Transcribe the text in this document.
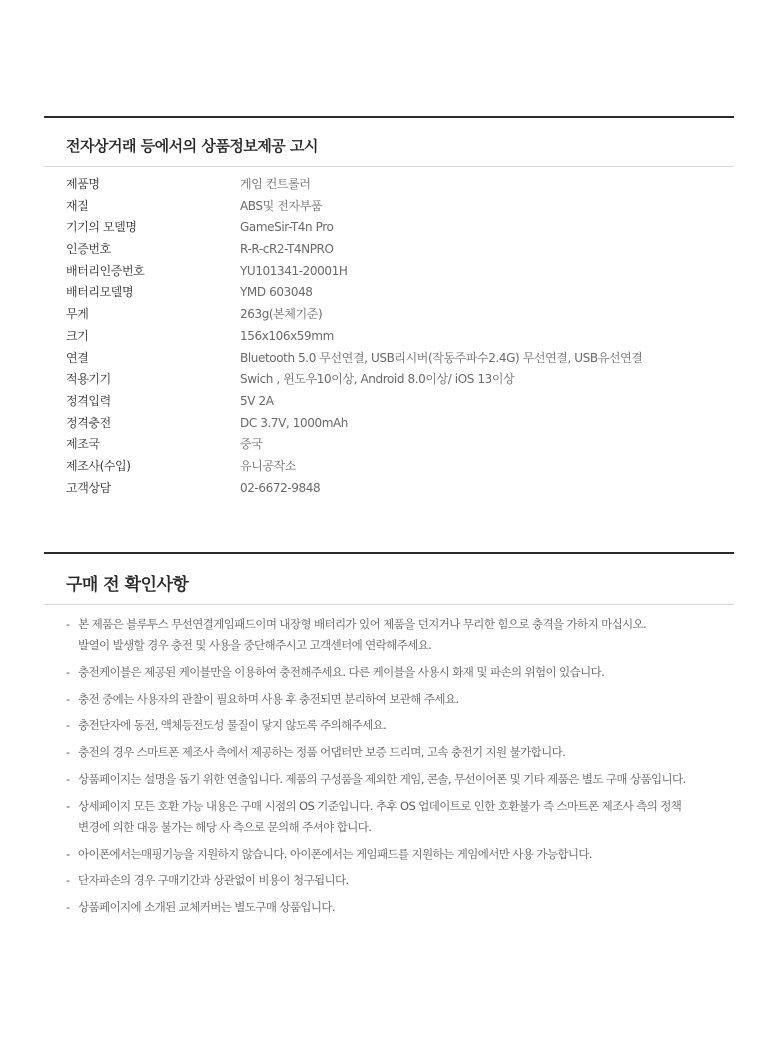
전자상거래 등에서의 상품정보제공 고시
제품명	게임 컨트롤러
재질	ABS및 전자부품
기기의 모델명	GameSir-T4n Pro
인증번호	R-R-cR2-T4NPRO
배터리인증번호	YU101341-20001H
배터리모델명	YMD 603048
무게	263g(본체기준)
크기	156x106x59mm
연결	Bluetooth 5.0 무선연결, USB리시버(작동주파수2.4G) 무선연결, USB유선연결
적용기기	Swich , 윈도우10이상, Android 8.0이상/ iOS 13이상
정격입력	5V 2A
정격충전	DC 3.7V, 1000mAh
제조국	중국
제조사(수입)	유니공작소
고객상담	02-6672-9848
구매 전 확인사항
- 본 제품은 블루투스 무선연결게임패드이며 내장형 배터리가 있어 제품을 던지거나 무리한 힘으로 충격을 가하지 마십시오.
발열이 발생할 경우 충전 및 사용을 중단해주시고 고객센터에 연락해주세요.
- 충전케이블은 제공된 케이블만을 이용하여 충전해주세요. 다른 케이블을 사용시 화재 및 파손의 위험이 있습니다.
- 충전 중에는 사용자의 관찰이 필요하며 사용 후 충전되면 분리하여 보관해 주세요.
- 충전단자에 동전, 액체등전도성 물질이 닿지 않도록 주의해주세요.
- 충전의 경우 스마트폰 제조사 측에서 제공하는 정품 어댑터만 보증 드리며, 고속 충전기 지원 불가합니다.
- 상품페이지는 설명을 돕기 위한 연출입니다. 제품의 구성품을 제외한 게임, 콘솔, 무선이어폰 및 기타 제품은 별도 구매 상품입니다.
- 상세페이지 모든 호환 가능 내용은 구매 시점의 OS 기준입니다. 추후 OS 업데이트로 인한 호환불가 즉 스마트폰 제조사 측의 정책
변경에 의한 대응 불가는 해당 사 측으로 문의해 주셔야 합니다.
- 아이폰에서는매핑기능을 지원하지 않습니다. 아이폰에서는 게임패드를 지원하는 게임에서만 사용 가능합니다.
- 단자파손의 경우 구매기간과 상관없이 비용이 청구됩니다.
- 상품페이지에 소개된 교체커버는 별도구매 상품입니다.
